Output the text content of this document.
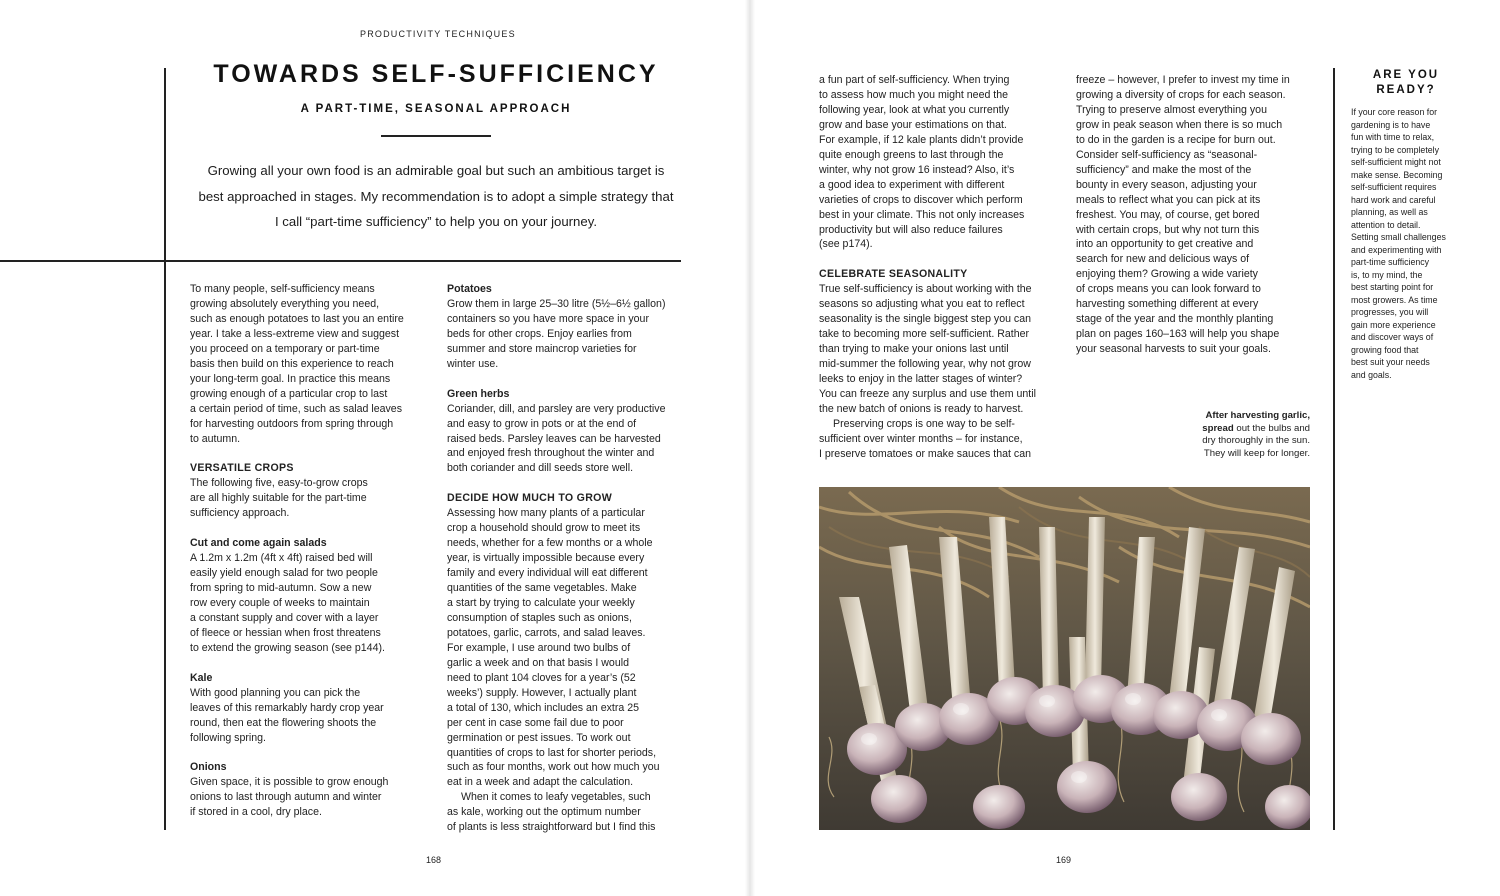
PRODUCTIVITY TECHNIQUES
TOWARDS SELF-SUFFICIENCY
A PART-TIME, SEASONAL APPROACH
Growing all your own food is an admirable goal but such an ambitious target is
best approached in stages. My recommendation is to adopt a simple strategy that
I call “part-time sufficiency” to help you on your journey.

To many people, self-sufficiency means
growing absolutely everything you need,
such as enough potatoes to last you an entire
year. I take a less-extreme view and suggest
you proceed on a temporary or part-time
basis then build on this experience to reach
your long-term goal. In practice this means
growing enough of a particular crop to last
a certain period of time, such as salad leaves
for harvesting outdoors from spring through
to autumn.

VERSATILE CROPS

The following five, easy-to-grow crops
are all highly suitable for the part-time
sufficiency approach.

Cut and come again salads

A 1.2m x 1.2m (4ft x 4ft) raised bed will
easily yield enough salad for two people
from spring to mid-autumn. Sow a new
row every couple of weeks to maintain
a constant supply and cover with a layer
of fleece or hessian when frost threatens
to extend the growing season (see p144).

Kale

With good planning you can pick the
leaves of this remarkably hardy crop year
round, then eat the flowering shoots the
following spring.

Onions

Given space, it is possible to grow enough
onions to last through autumn and winter
if stored in a cool, dry place.

Potatoes

Grow them in large 25–30 litre (5½–6½ gallon)
containers so you have more space in your
beds for other crops. Enjoy earlies from
summer and store maincrop varieties for
winter use.

Green herbs

Coriander, dill, and parsley are very productive
and easy to grow in pots or at the end of
raised beds. Parsley leaves can be harvested
and enjoyed fresh throughout the winter and
both coriander and dill seeds store well.

DECIDE HOW MUCH TO GROW

Assessing how many plants of a particular
crop a household should grow to meet its
needs, whether for a few months or a whole
year, is virtually impossible because every
family and every individual will eat different
quantities of the same vegetables. Make
a start by trying to calculate your weekly
consumption of staples such as onions,
potatoes, garlic, carrots, and salad leaves.
For example, I use around two bulbs of
garlic a week and on that basis I would
need to plant 104 cloves for a year’s (52
weeks’) supply. However, I actually plant
a total of 130, which includes an extra 25
per cent in case some fail due to poor
germination or pest issues. To work out
quantities of crops to last for shorter periods,
such as four months, work out how much you
eat in a week and adapt the calculation.

When it comes to leafy vegetables, such
as kale, working out the optimum number
of plants is less straightforward but I find this

168

a fun part of self-sufficiency. When trying
to assess how much you might need the
following year, look at what you currently
grow and base your estimations on that.
For example, if 12 kale plants didn’t provide
quite enough greens to last through the
winter, why not grow 16 instead? Also, it’s
a good idea to experiment with different
varieties of crops to discover which perform
best in your climate. This not only increases
productivity but will also reduce failures
(see p174).

CELEBRATE SEASONALITY

True self-sufficiency is about working with the
seasons so adjusting what you eat to reflect
seasonality is the single biggest step you can
take to becoming more self-sufficient. Rather
than trying to make your onions last until
mid-summer the following year, why not grow
leeks to enjoy in the latter stages of winter?
You can freeze any surplus and use them until
the new batch of onions is ready to harvest.

Preserving crops is one way to be self-
sufficient over winter months – for instance,
I preserve tomatoes or make sauces that can

freeze – however, I prefer to invest my time in
growing a diversity of crops for each season.
Trying to preserve almost everything you
grow in peak season when there is so much
to do in the garden is a recipe for burn out.
Consider self-sufficiency as “seasonal-
sufficiency” and make the most of the
bounty in every season, adjusting your
meals to reflect what you can pick at its
freshest. You may, of course, get bored
with certain crops, but why not turn this
into an opportunity to get creative and
search for new and delicious ways of
enjoying them? Growing a wide variety
of crops means you can look forward to
harvesting something different at every
stage of the year and the monthly planting
plan on pages 160–163 will help you shape
your seasonal harvests to suit your goals.

After harvesting garlic,
spread out the bulbs and
dry thoroughly in the sun.
They will keep for longer.
ARE YOU
READY?

If your core reason for
gardening is to have
fun with time to relax,
trying to be completely
self-sufficient might not
make sense. Becoming
self-sufficient requires
hard work and careful
planning, as well as
attention to detail.
Setting small challenges
and experimenting with
part-time sufficiency
is, to my mind, the
best starting point for
most growers. As time
progresses, you will
gain more experience
and discover ways of
growing food that
best suit your needs
and goals.

169
